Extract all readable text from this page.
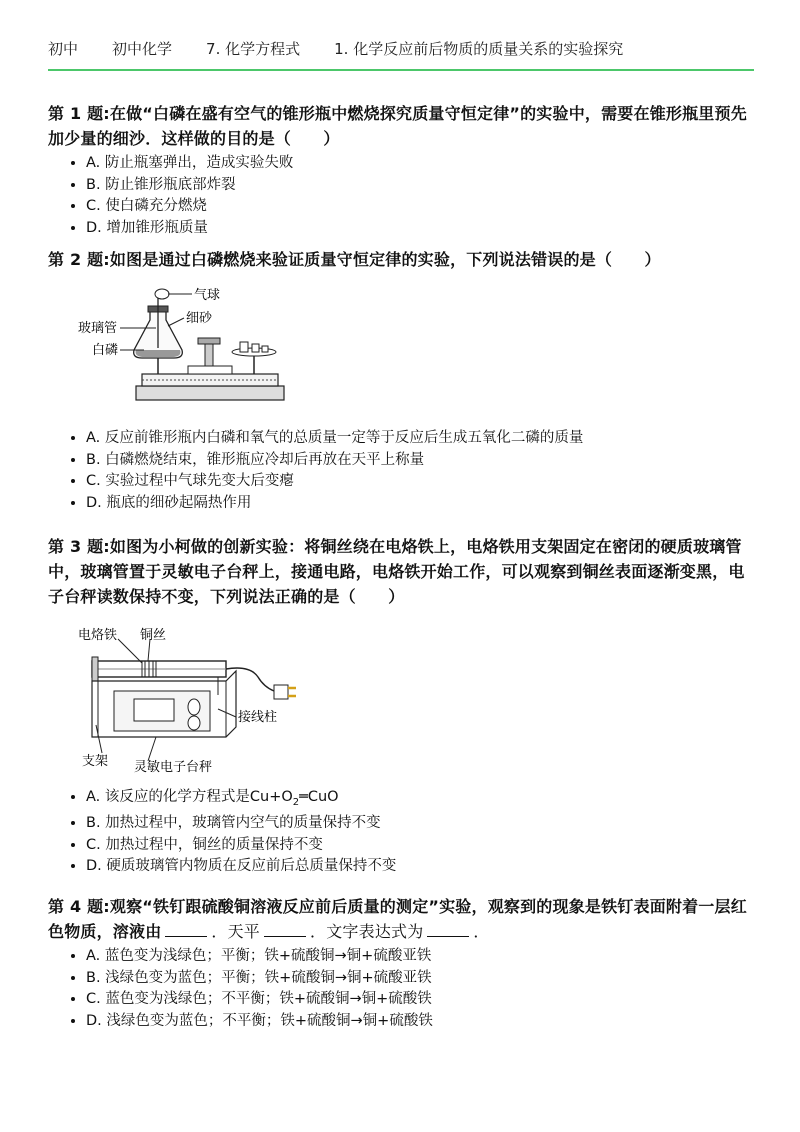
初中 初中化学 7. 化学方程式 1. 化学反应前后物质的质量关系的实验探究

第 1 题:在做“白磷在盛有空气的锥形瓶中燃烧探究质量守恒定律”的实验中，需要在锥形瓶里预先加少量的细沙．这样做的目的是（　　）

• A. 防止瓶塞弹出，造成实验失败
• B. 防止锥形瓶底部炸裂
• C. 使白磷充分燃烧
• D. 增加锥形瓶质量

第 2 题:如图是通过白磷燃烧来验证质量守恒定律的实验，下列说法错误的是（　　）

气球
细砂
玻璃管
白磷
• A. 反应前锥形瓶内白磷和氧气的总质量一定等于反应后生成五氧化二磷的质量
• B. 白磷燃烧结束，锥形瓶应冷却后再放在天平上称量
• C. 实验过程中气球先变大后变瘪
• D. 瓶底的细砂起隔热作用

第 3 题:如图为小柯做的创新实验：将铜丝绕在电烙铁上，电烙铁用支架固定在密闭的硬质玻璃管中，玻璃管置于灵敏电子台秤上，接通电路，电烙铁开始工作，可以观察到铜丝表面逐渐变黑，电子台秤读数保持不变，下列说法正确的是（　　）

电烙铁 铜丝
接线柱
支架 灵敏电子台秤
• A. 该反应的化学方程式是$Cu+O_2═CuO$
• B. 加热过程中，玻璃管内空气的质量保持不变
• C. 加热过程中，铜丝的质量保持不变
• D. 硬质玻璃管内物质在反应前后总质量保持不变

第 4 题:观察“铁钉跟硫酸铜溶液反应前后质量的测定”实验，观察到的现象是铁钉表面附着一层红色物质，溶液由	．天平	．文字表达式为	．

• A. 蓝色变为浅绿色；平衡；铁+硫酸铜→铜+硫酸亚铁
• B. 浅绿色变为蓝色；平衡；铁+硫酸铜→铜+硫酸亚铁
• C. 蓝色变为浅绿色；不平衡；铁+硫酸铜→铜+硫酸铁
• D. 浅绿色变为蓝色；不平衡；铁+硫酸铜→铜+硫酸铁
